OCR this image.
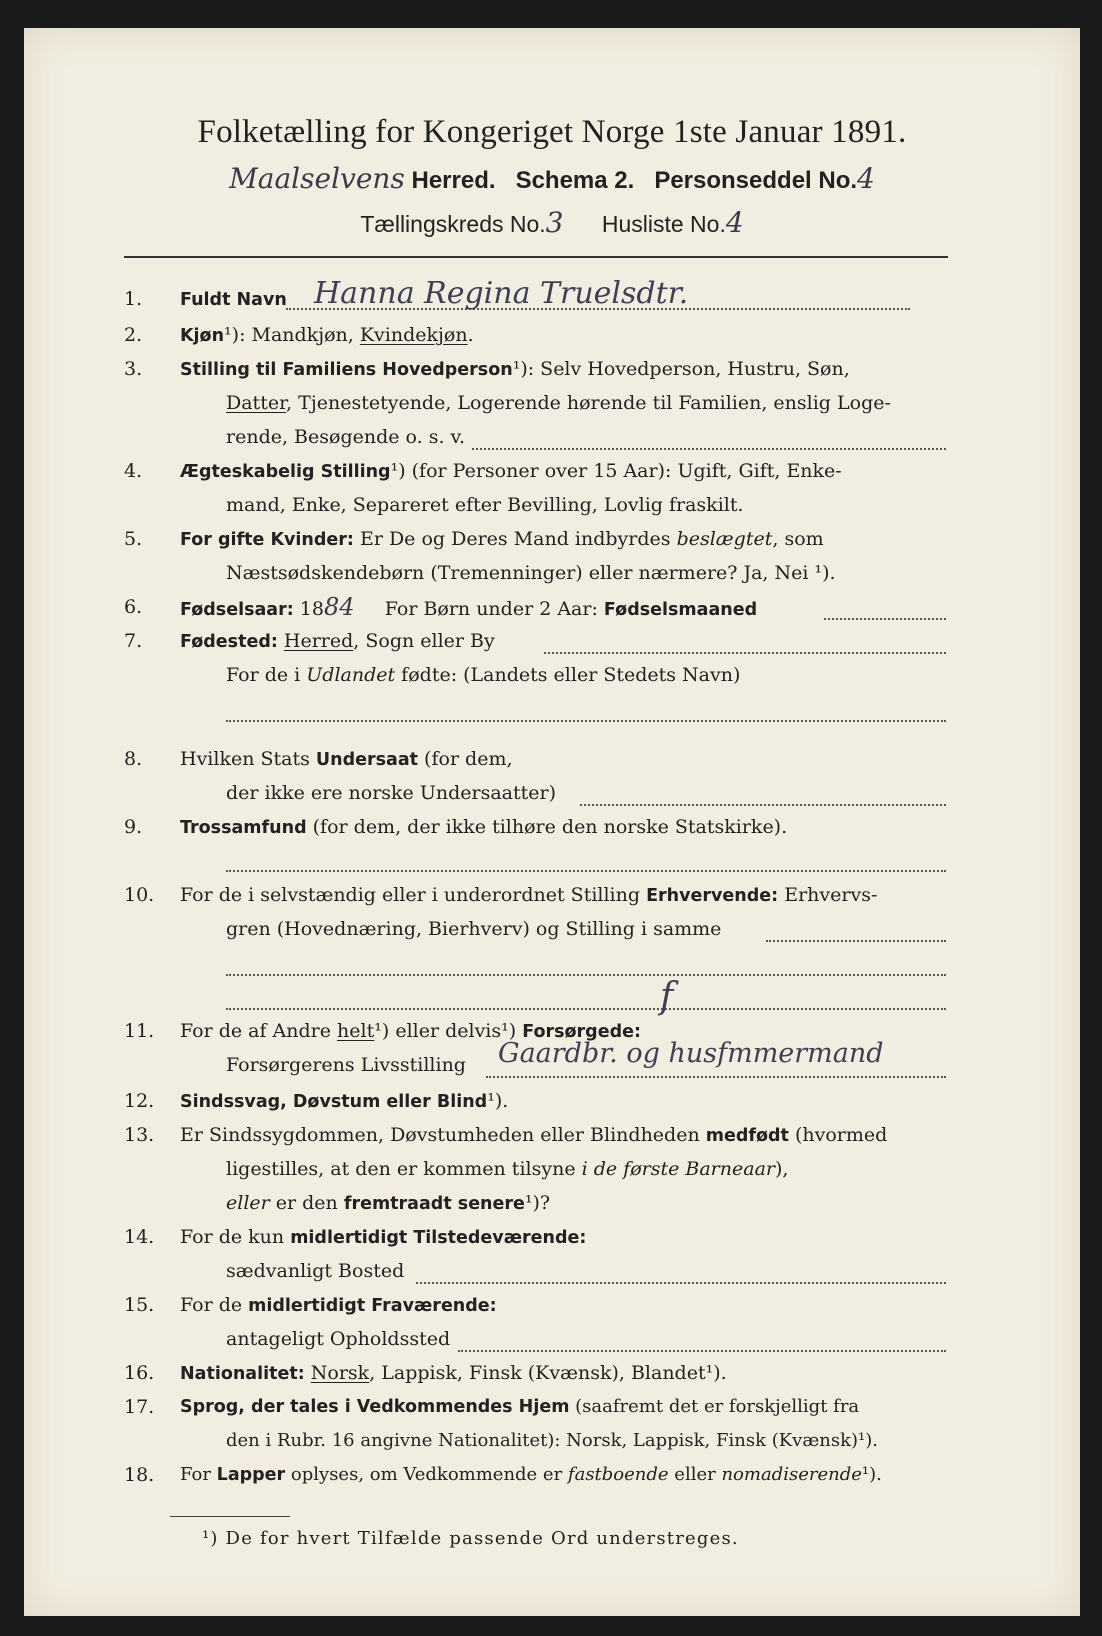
Folketælling for Kongeriget Norge 1ste Januar 1891.
Maalselvens Herred. Schema 2. Personseddel No.4
Tællingskreds No.3 Husliste No.4
1.	Fuldt Navn Hanna Regina Truelsdtr.
2.	Kjøn¹): Mandkjøn, Kvindekjøn.
3.	Stilling til Familiens Hovedperson¹): Selv Hovedperson, Hustru, Søn,
Datter, Tjenestetyende, Logerende hørende til Familien, enslig Loge-
rende, Besøgende o. s. v.
4.	Ægteskabelig Stilling¹) (for Personer over 15 Aar): Ugift, Gift, Enke-
mand, Enke, Separeret efter Bevilling, Lovlig fraskilt.
5.	For gifte Kvinder: Er De og Deres Mand indbyrdes beslægtet, som
Næstsødskendebørn (Tremenninger) eller nærmere? Ja, Nei ¹).
6.	Fødselsaar: 1884 For Børn under 2 Aar: Fødselsmaaned
7.	Fødested: Herred, Sogn eller By
For de i Udlandet fødte: (Landets eller Stedets Navn)
8.	Hvilken Stats Undersaat (for dem,
der ikke ere norske Undersaatter)
9.	Trossamfund (for dem, der ikke tilhøre den norske Statskirke).
10.	For de i selvstændig eller i underordnet Stilling Erhvervende: Erhvervs-
gren (Hovednæring, Bierhverv) og Stilling i samme
11.	For de af Andre helt¹) eller delvis¹) Forsørgede:
f
Forsørgerens Livsstilling Gaardbr. og husfmmermand
12.	Sindssvag, Døvstum eller Blind¹).
13.	Er Sindssygdommen, Døvstumheden eller Blindheden medfødt (hvormed
ligestilles, at den er kommen tilsyne i de første Barneaar),
eller er den fremtraadt senere¹)?
14.	For de kun midlertidigt Tilstedeværende:
sædvanligt Bosted
15.	For de midlertidigt Fraværende:
antageligt Opholdssted
16.	Nationalitet: Norsk, Lappisk, Finsk (Kvænsk), Blandet¹).
17.	Sprog, der tales i Vedkommendes Hjem (saafremt det er forskjelligt fra
den i Rubr. 16 angivne Nationalitet): Norsk, Lappisk, Finsk (Kvænsk)¹).
18.	For Lapper oplyses, om Vedkommende er fastboende eller nomadiserende¹).
¹) De for hvert Tilfælde passende Ord understreges.
